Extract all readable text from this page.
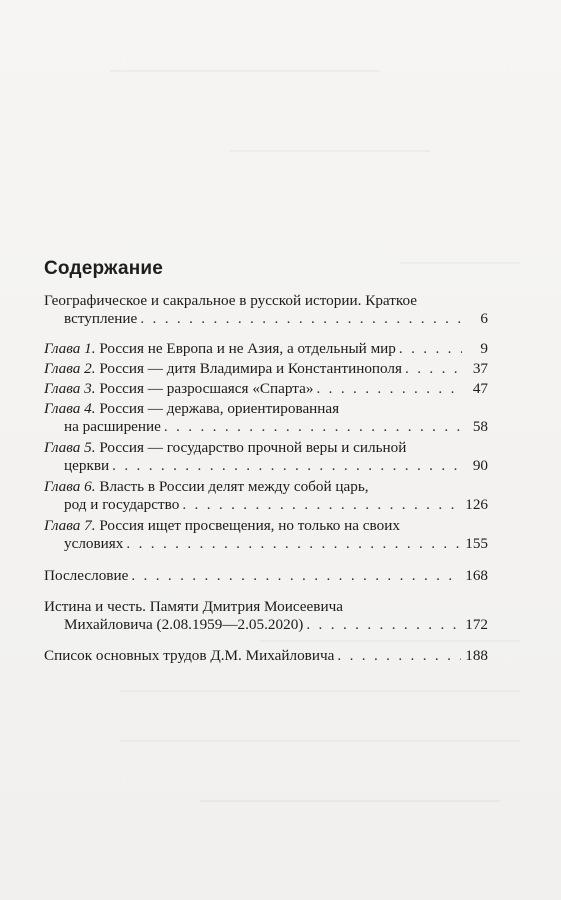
Содержание
Географическое и сакральное в русской истории. Краткое
вступление . . .	6
Глава 1. Россия не Европа и не Азия, а отдельный мир . . .	9
Глава 2. Россия — дитя Владимира и Константинополя . . .	37
Глава 3. Россия — разросшаяся «Спарта» . . .	47
Глава 4. Россия — держава, ориентированная
на расширение . . .	58
Глава 5. Россия — государство прочной веры и сильной
церкви . . .	90
Глава 6. Власть в России делят между собой царь,
род и государство . . .	126
Глава 7. Россия ищет просвещения, но только на своих
условиях . . .	155
Послесловие . . .	168
Истина и честь. Памяти Дмитрия Моисеевича
Михайловича (2.08.1959—2.05.2020) . . .	172
Список основных трудов Д.М. Михайловича . . .	188
